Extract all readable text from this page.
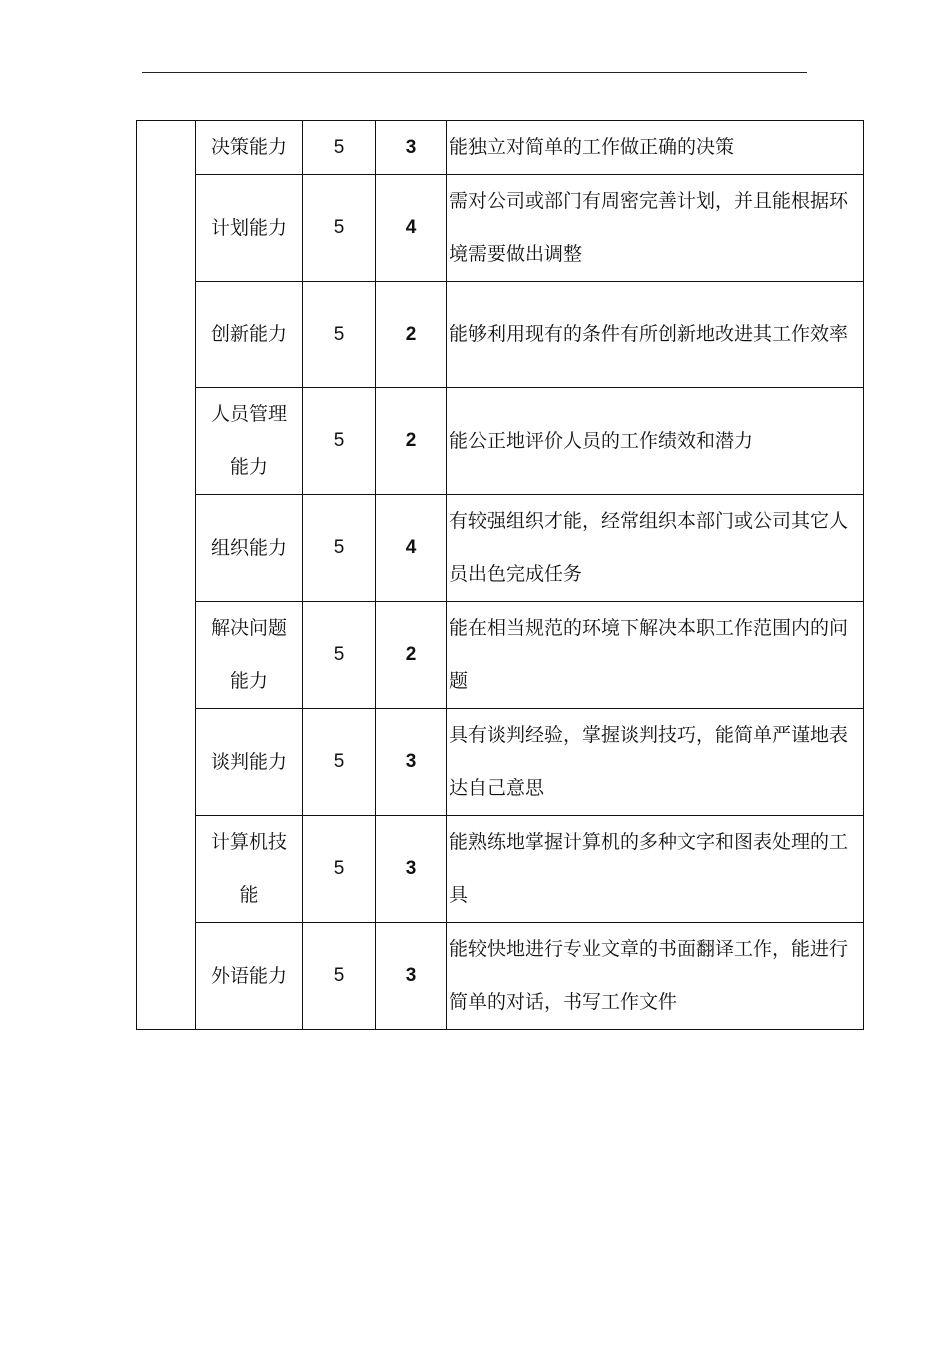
	决策能力	5	3	能独立对简单的工作做正确的决策
	计划能力	5	4	需对公司或部门有周密完善计划，并且能根据环境需要做出调整
	创新能力	5	2	能够利用现有的条件有所创新地改进其工作效率
	人员管理能力	5	2	能公正地评价人员的工作绩效和潜力
	组织能力	5	4	有较强组织才能，经常组织本部门或公司其它人员出色完成任务
	解决问题能力	5	2	能在相当规范的环境下解决本职工作范围内的问题
	谈判能力	5	3	具有谈判经验，掌握谈判技巧，能简单严谨地表达自己意思
	计算机技能	5	3	能熟练地掌握计算机的多种文字和图表处理的工具
	外语能力	5	3	能较快地进行专业文章的书面翻译工作，能进行简单的对话，书写工作文件
